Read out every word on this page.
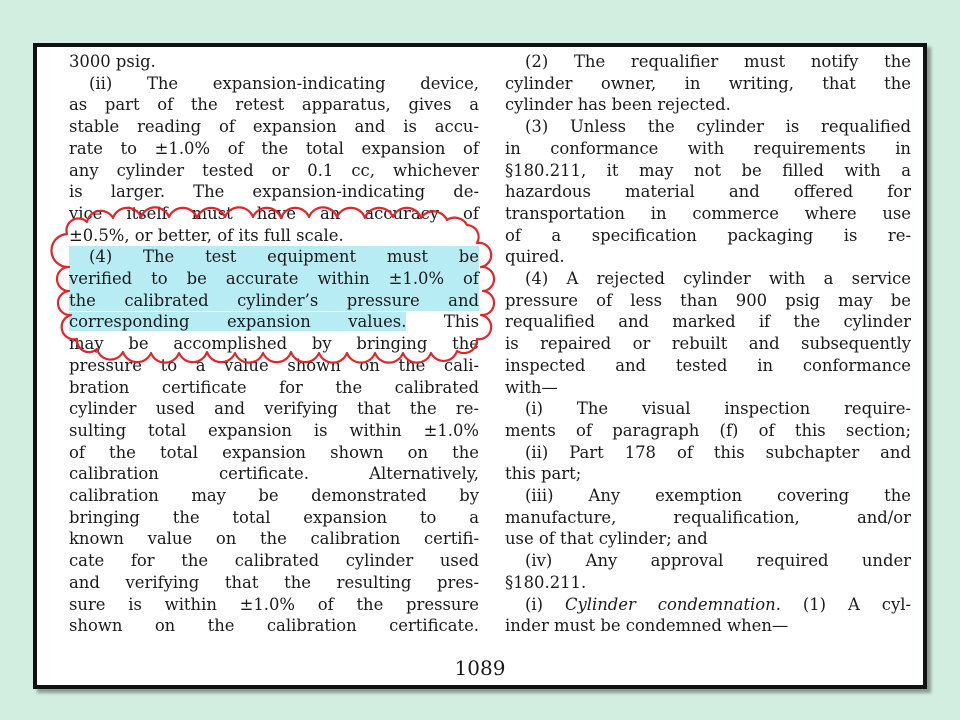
3000 psig.
(ii) The expansion-indicating device,
as part of the retest apparatus, gives a
stable reading of expansion and is accu-
rate to ±1.0% of the total expansion of
any cylinder tested or 0.1 cc, whichever
is larger. The expansion-indicating de-
vice itself must have an accuracy of
±0.5%, or better, of its full scale.
(4) The test equipment must be
verified to be accurate within ±1.0% of
the calibrated cylinder’s pressure and
corresponding expansion values. This
may be accomplished by bringing the
pressure to a value shown on the cali-
bration certificate for the calibrated
cylinder used and verifying that the re-
sulting total expansion is within ±1.0%
of the total expansion shown on the
calibration certificate. Alternatively,
calibration may be demonstrated by
bringing the total expansion to a
known value on the calibration certifi-
cate for the calibrated cylinder used
and verifying that the resulting pres-
sure is within ±1.0% of the pressure
shown on the calibration certificate.
(2) The requalifier must notify the
cylinder owner, in writing, that the
cylinder has been rejected.
(3) Unless the cylinder is requalified
in conformance with requirements in
§180.211, it may not be filled with a
hazardous material and offered for
transportation in commerce where use
of a specification packaging is re-
quired.
(4) A rejected cylinder with a service
pressure of less than 900 psig may be
requalified and marked if the cylinder
is repaired or rebuilt and subsequently
inspected and tested in conformance
with—
(i) The visual inspection require-
ments of paragraph (f) of this section;
(ii) Part 178 of this subchapter and
this part;
(iii) Any exemption covering the
manufacture, requalification, and/or
use of that cylinder; and
(iv) Any approval required under
§180.211.
(i) Cylinder condemnation. (1) A cyl-
inder must be condemned when—
1089
